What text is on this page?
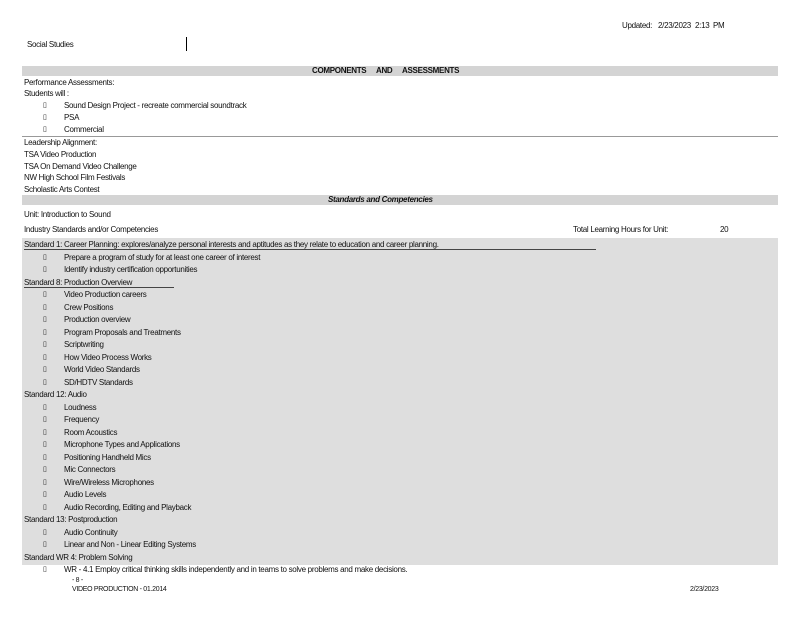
Updated: 2/23/2023 2:13 PM
Social Studies
COMPONENTS AND ASSESSMENTS
Performance Assessments:
Students will :
▯ Sound Design Project - recreate commercial soundtrack
▯ PSA
▯ Commercial
Leadership Alignment:
TSA Video Production
TSA On Demand Video Challenge
NW High School Film Festivals
Scholastic Arts Contest
Standards and Competencies
Unit: Introduction to Sound
Industry Standards and/or Competencies	Total Learning Hours for Unit:	20
Standard 1: Career Planning: explores/analyze personal interests and aptitudes as they relate to education and career planning.
▯ Prepare a program of study for at least one career of interest
▯ Identify industry certification opportunities
Standard 8: Production Overview
▯ Video Production careers
▯ Crew Positions
▯ Production overview
▯ Program Proposals and Treatments
▯ Scriptwriting
▯ How Video Process Works
▯ World Video Standards
▯ SD/HDTV Standards
Standard 12: Audio
▯ Loudness
▯ Frequency
▯ Room Acoustics
▯ Microphone Types and Applications
▯ Positioning Handheld Mics
▯ Mic Connectors
▯ Wire/Wireless Microphones
▯ Audio Levels
▯ Audio Recording, Editing and Playback
Standard 13: Postproduction
▯ Audio Continuity
▯ Linear and Non - Linear Editing Systems
Standard WR 4: Problem Solving
▯ WR - 4.1 Employ critical thinking skills independently and in teams to solve problems and make decisions.
- 8 -
VIDEO PRODUCTION - 01.2014	2/23/2023
